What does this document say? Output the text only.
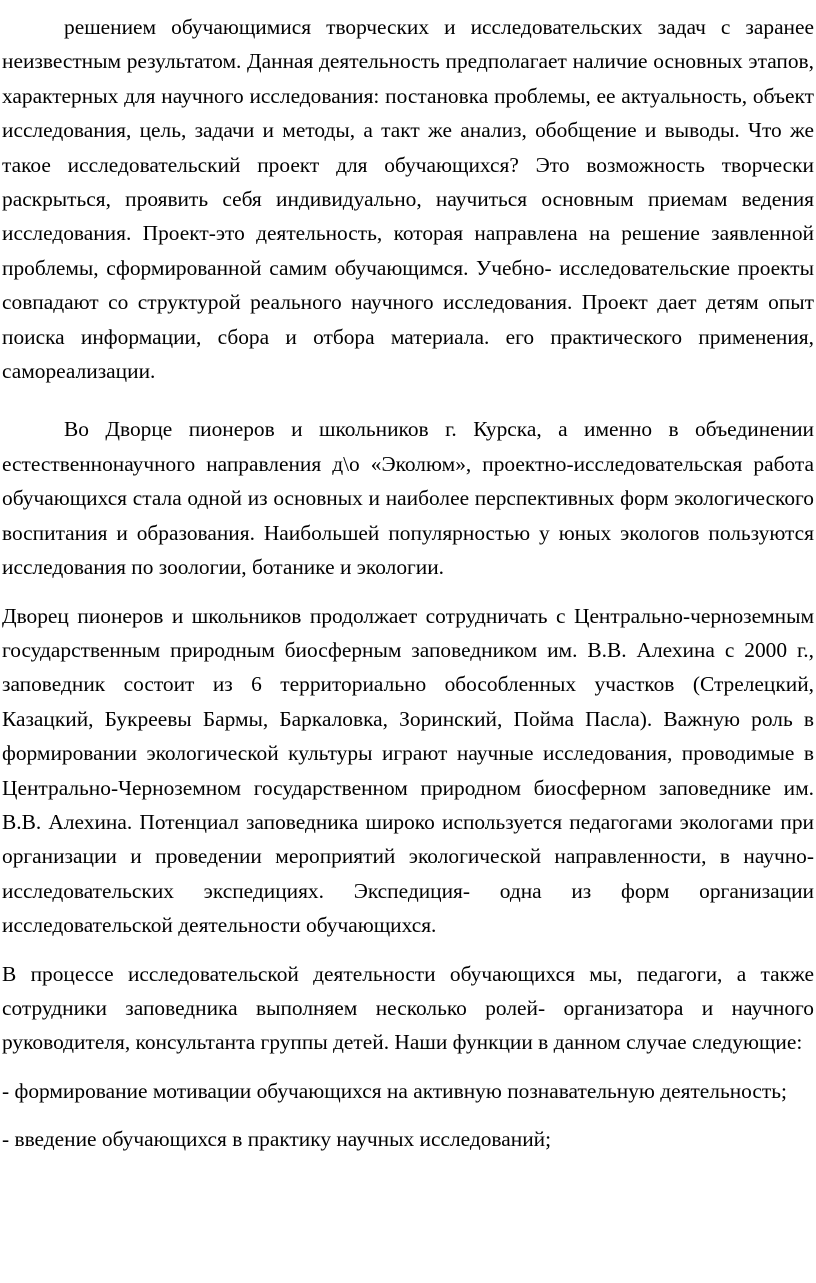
решением обучающимися творческих и исследовательских задач с заранее неизвестным результатом. Данная деятельность предполагает наличие основных этапов, характерных для научного исследования: постановка проблемы, ее актуальность, объект исследования, цель, задачи и методы, а такт же анализ, обобщение и выводы. Что же такое исследовательский проект для обучающихся? Это возможность творчески раскрыться, проявить себя индивидуально, научиться основным приемам ведения исследования. Проект-это деятельность, которая направлена на решение заявленной проблемы, сформированной самим обучающимся. Учебно- исследовательские проекты совпадают со структурой реального научного исследования. Проект дает детям опыт поиска информации, сбора и отбора материала. его практического применения, самореализации.

Во Дворце пионеров и школьников г. Курска, а именно в объединении естественнонаучного направления д\о «Эколюм», проектно-исследовательская работа обучающихся стала одной из основных и наиболее перспективных форм экологического воспитания и образования. Наибольшей популярностью у юных экологов пользуются исследования по зоологии, ботанике и экологии.

Дворец пионеров и школьников продолжает сотрудничать с Центрально-черноземным государственным природным биосферным заповедником им. В.В. Алехина с 2000 г., заповедник состоит из 6 территориально обособленных участков (Стрелецкий, Казацкий, Букреевы Бармы, Баркаловка, Зоринский, Пойма Пасла). Важную роль в формировании экологической культуры играют научные исследования, проводимые в Центрально-Черноземном государственном природном биосферном заповеднике им. В.В. Алехина. Потенциал заповедника широко используется педагогами экологами при организации и проведении мероприятий экологической направленности, в научно-исследовательских экспедициях. Экспедиция- одна из форм организации исследовательской деятельности обучающихся.

В процессе исследовательской деятельности обучающихся мы, педагоги, а также сотрудники заповедника выполняем несколько ролей- организатора и научного руководителя, консультанта группы детей. Наши функции в данном случае следующие:

- формирование мотивации обучающихся на активную познавательную деятельность;

- введение обучающихся в практику научных исследований;
